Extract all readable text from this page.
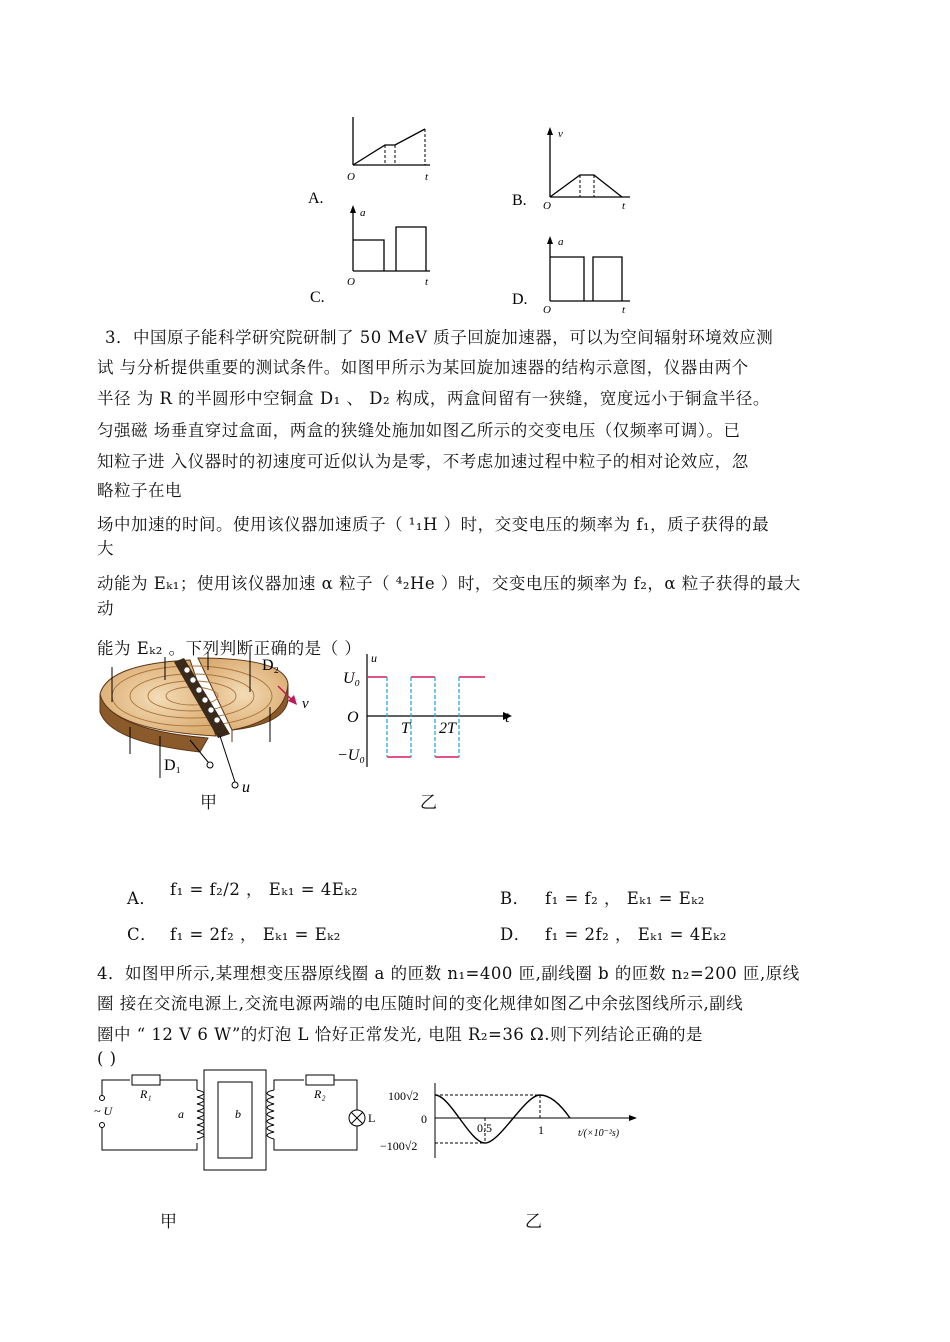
O	t
A.
v
O	t
B.
a
O	t
C.
a
O	t
D.
3．中国原子能科学研究院研制了 50 MeV 质子回旋加速器，可以为空间辐射环境效应测
试 与分析提供重要的测试条件。如图甲所示为某回旋加速器的结构示意图，仪器由两个
半径 为 R 的半圆形中空铜盒 D₁ 、 D₂ 构成，两盒间留有一狭缝，宽度远小于铜盒半径。
匀强磁 场垂直穿过盒面，两盒的狭缝处施加如图乙所示的交变电压（仅频率可调）。已
知粒子进 入仪器时的初速度可近似认为是零，不考虑加速过程中粒子的相对论效应，忽
略粒子在电
场中加速的时间。使用该仪器加速质子（ ¹₁H ）时，交变电压的频率为 f₁，质子获得的最
大
动能为 Eₖ₁；使用该仪器加速 α 粒子（ ⁴₂He ）时，交变电压的频率为 f₂，α 粒子获得的最大
动
能为 Eₖ₂ 。下列判断正确的是（ ）
v
u
D₁
D₂
甲
U₀
O
−U₀
T 2T
t
u
乙
A． f₁ = f₂/2 ， Eₖ₁ = 4Eₖ₂	B． f₁ = f₂ ， Eₖ₁ = Eₖ₂
C． f₁ = 2f₂ ， Eₖ₁ = Eₖ₂	D． f₁ = 2f₂ ， Eₖ₁ = 4Eₖ₂
4．如图甲所示,某理想变压器原线圈 a 的匝数 n₁=400 匝,副线圈 b 的匝数 n₂=200 匝,原线
圈 接在交流电源上,交流电源两端的电压随时间的变化规律如图乙中余弦图线所示,副线
圈中 “ 12 V 6 W”的灯泡 L 恰好正常发光, 电阻 R₂=36 Ω.则下列结论正确的是
( )
~ U
R₁	R₂
a	b	L
甲
100√2
0
−100√2
0.5	1	t/(×10⁻²s)
乙
